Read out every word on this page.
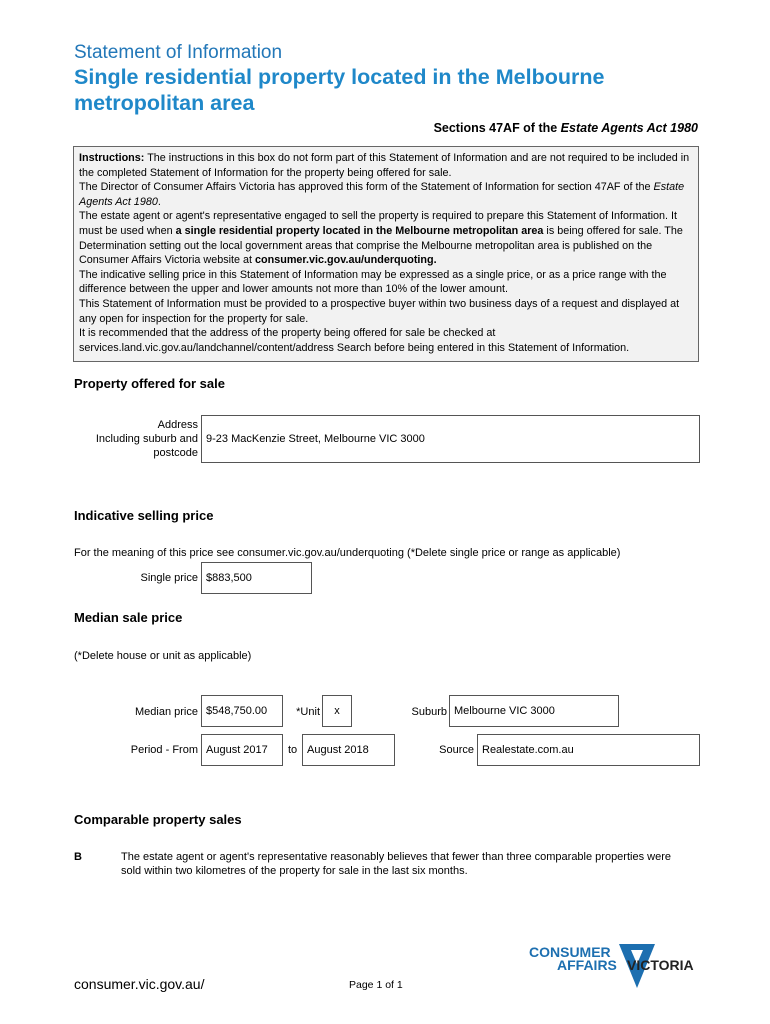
Statement of Information
Single residential property located in the Melbourne metropolitan area
Sections 47AF of the Estate Agents Act 1980

Instructions: The instructions in this box do not form part of this Statement of Information and are not required to be included in the completed Statement of Information for the property being offered for sale.

The Director of Consumer Affairs Victoria has approved this form of the Statement of Information for section 47AF of the Estate Agents Act 1980.

The estate agent or agent's representative engaged to sell the property is required to prepare this Statement of Information. It must be used when a single residential property located in the Melbourne metropolitan area is being offered for sale. The Determination setting out the local government areas that comprise the Melbourne metropolitan area is published on the Consumer Affairs Victoria website at consumer.vic.gov.au/underquoting.

The indicative selling price in this Statement of Information may be expressed as a single price, or as a price range with the difference between the upper and lower amounts not more than 10% of the lower amount.

This Statement of Information must be provided to a prospective buyer within two business days of a request and displayed at any open for inspection for the property for sale.

It is recommended that the address of the property being offered for sale be checked at services.land.vic.gov.au/landchannel/content/address Search before being entered in this Statement of Information.

Property offered for sale
Address
Including suburb and
postcode
9-23 MacKenzie Street, Melbourne VIC 3000
Indicative selling price
For the meaning of this price see consumer.vic.gov.au/underquoting (*Delete single price or range as applicable)
Single price $883,500
Median sale price
(*Delete house or unit as applicable)
Median price $548,750.00	*Unit x	Suburb Melbourne VIC 3000
Period - From August 2017 to August 2018	Source Realestate.com.au
Comparable property sales
B	The estate agent or agent's representative reasonably believes that fewer than three comparable properties were sold within two kilometres of the property for sale in the last six months.
consumer.vic.gov.au/	Page 1 of 1
CONSUMER
AFFAIRS VICTORIA
